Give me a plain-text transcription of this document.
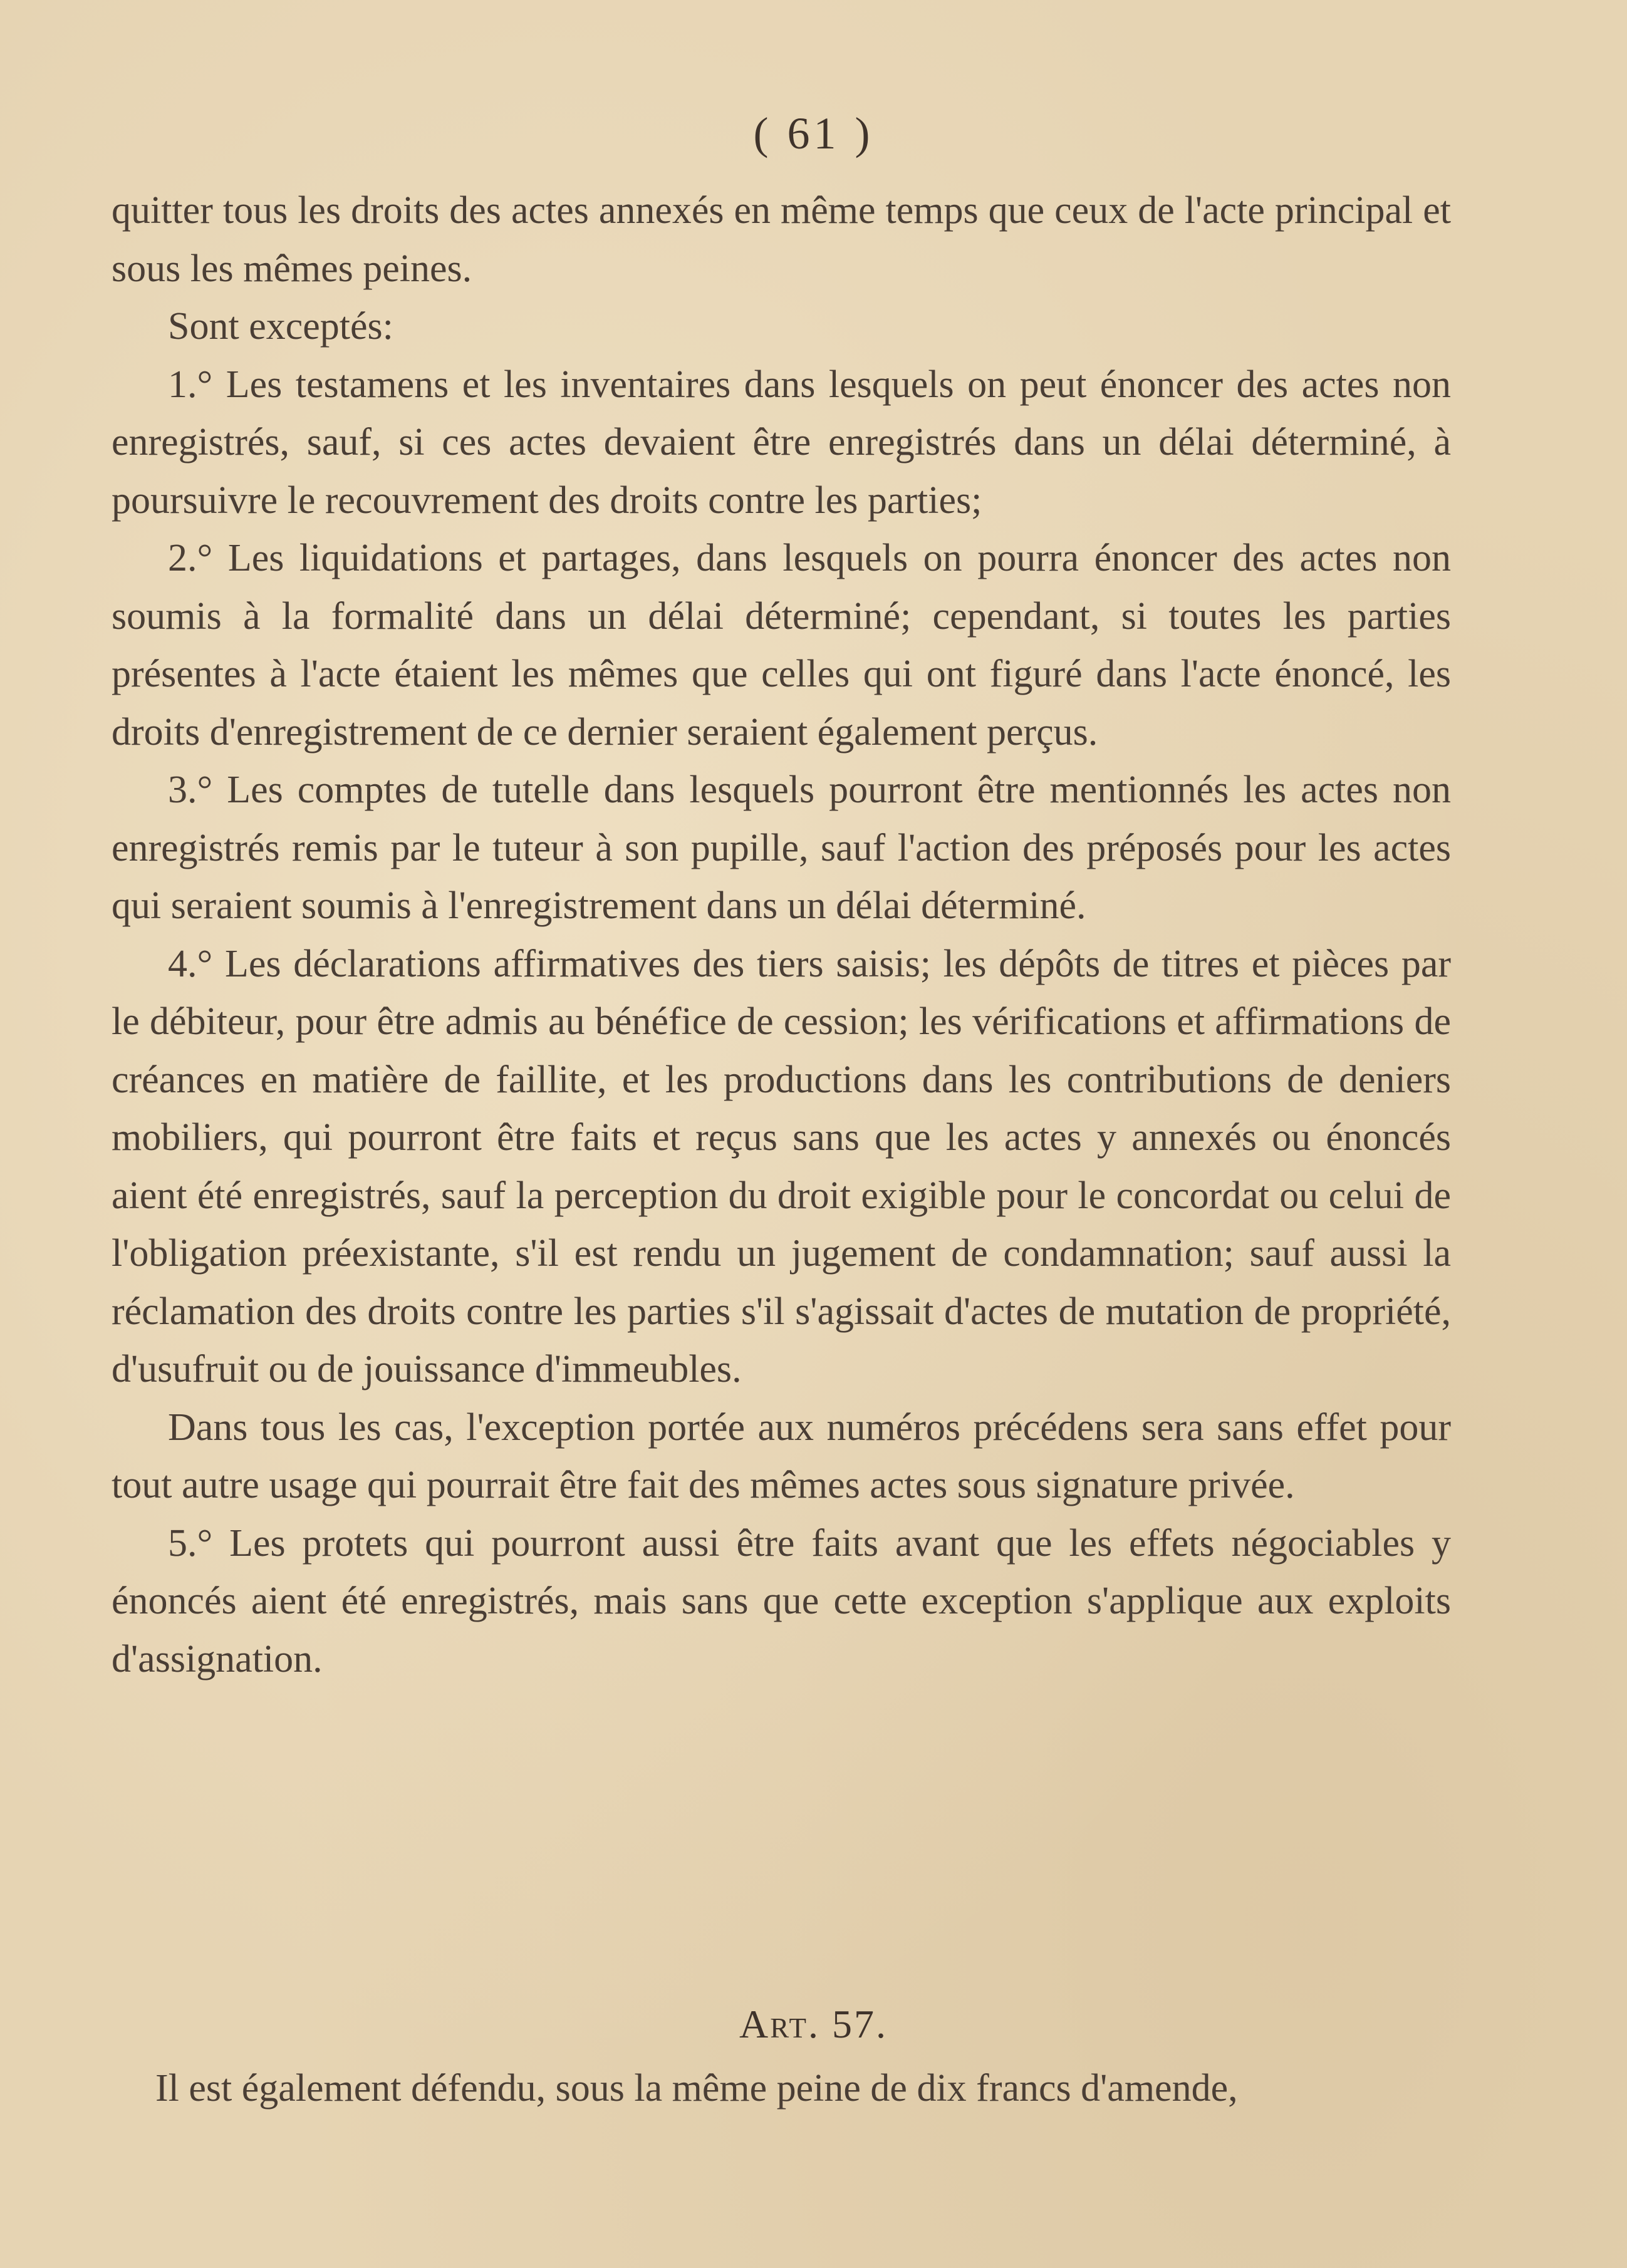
( 61 )

quitter tous les droits des actes annexés en même temps que ceux de l'acte principal et sous les mêmes peines.

Sont exceptés:

1.° Les testamens et les inventaires dans lesquels on peut énoncer des actes non enregistrés, sauf, si ces actes devaient être enregistrés dans un délai déterminé, à poursuivre le recouvrement des droits contre les parties;

2.° Les liquidations et partages, dans lesquels on pourra énoncer des actes non soumis à la formalité dans un délai déterminé; cependant, si toutes les parties présentes à l'acte étaient les mêmes que celles qui ont figuré dans l'acte énoncé, les droits d'enregistrement de ce dernier seraient également perçus.

3.° Les comptes de tutelle dans lesquels pourront être mentionnés les actes non enregistrés remis par le tuteur à son pupille, sauf l'action des préposés pour les actes qui seraient soumis à l'enregistrement dans un délai déterminé.

4.° Les déclarations affirmatives des tiers saisis; les dépôts de titres et pièces par le débiteur, pour être admis au bénéfice de cession; les vérifications et affirmations de créances en matière de faillite, et les productions dans les contributions de deniers mobiliers, qui pourront être faits et reçus sans que les actes y annexés ou énoncés aient été enregistrés, sauf la perception du droit exigible pour le concordat ou celui de l'obligation préexistante, s'il est rendu un jugement de condamnation; sauf aussi la réclamation des droits contre les parties s'il s'agissait d'actes de mutation de propriété, d'usufruit ou de jouissance d'immeubles.

Dans tous les cas, l'exception portée aux numéros précédens sera sans effet pour tout autre usage qui pourrait être fait des mêmes actes sous signature privée.

5.° Les protets qui pourront aussi être faits avant que les effets négociables y énoncés aient été enregistrés, mais sans que cette exception s'applique aux exploits d'assignation.

Art. 57.
Il est également défendu, sous la même peine de dix francs d'amende,
